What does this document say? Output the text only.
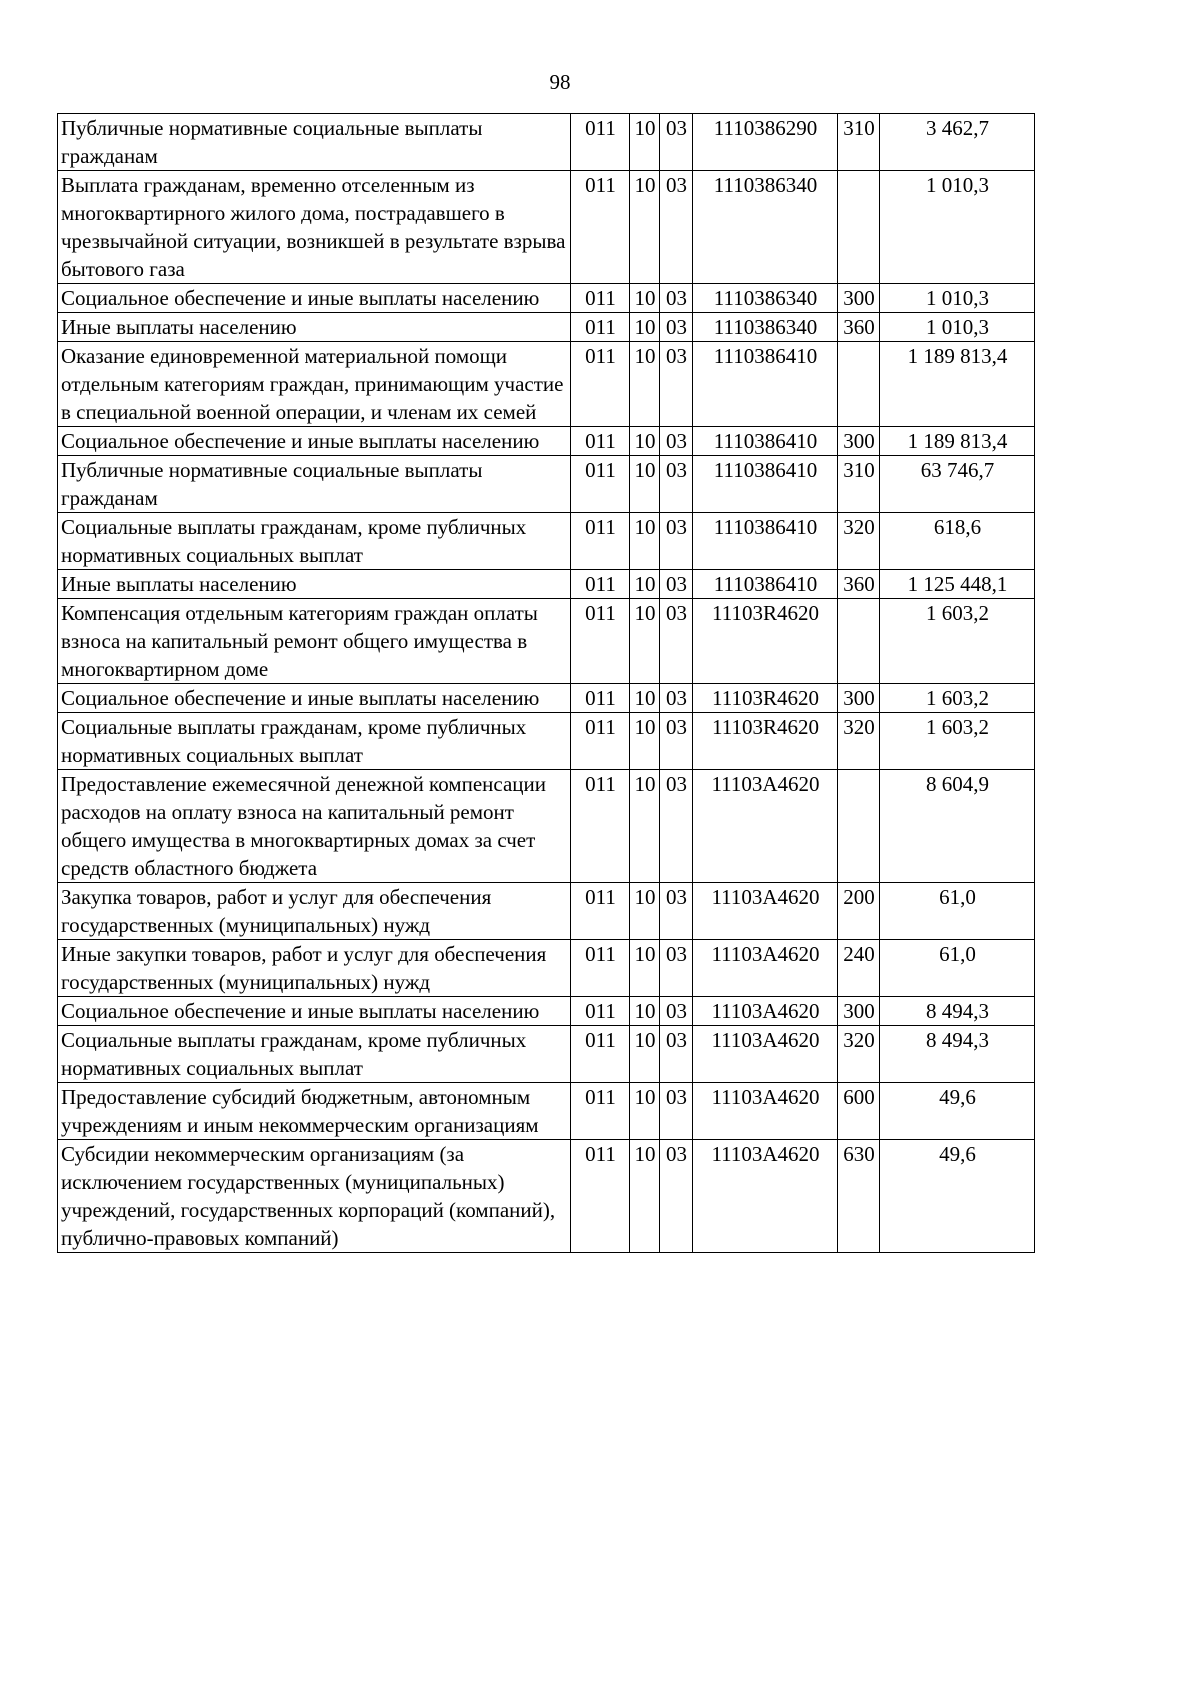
98
Публичные нормативные социальные выплаты гражданам	011	10	03	1110386290	310	3 462,7
Выплата гражданам, временно отселенным из многоквартирного жилого дома, пострадавшего в чрезвычайной ситуации, возникшей в результате взрыва бытового газа	011	10	03	1110386340		1 010,3
Социальное обеспечение и иные выплаты населению	011	10	03	1110386340	300	1 010,3
Иные выплаты населению	011	10	03	1110386340	360	1 010,3
Оказание единовременной материальной помощи отдельным категориям граждан, принимающим участие в специальной военной операции, и членам их семей	011	10	03	1110386410		1 189 813,4
Социальное обеспечение и иные выплаты населению	011	10	03	1110386410	300	1 189 813,4
Публичные нормативные социальные выплаты гражданам	011	10	03	1110386410	310	63 746,7
Социальные выплаты гражданам, кроме публичных нормативных социальных выплат	011	10	03	1110386410	320	618,6
Иные выплаты населению	011	10	03	1110386410	360	1 125 448,1
Компенсация отдельным категориям граждан оплаты взноса на капитальный ремонт общего имущества в многоквартирном доме	011	10	03	11103R4620		1 603,2
Социальное обеспечение и иные выплаты населению	011	10	03	11103R4620	300	1 603,2
Социальные выплаты гражданам, кроме публичных нормативных социальных выплат	011	10	03	11103R4620	320	1 603,2
Предоставление ежемесячной денежной компенсации расходов на оплату взноса на капитальный ремонт общего имущества в многоквартирных домах за счет средств областного бюджета	011	10	03	11103А4620		8 604,9
Закупка товаров, работ и услуг для обеспечения государственных (муниципальных) нужд	011	10	03	11103А4620	200	61,0
Иные закупки товаров, работ и услуг для обеспечения государственных (муниципальных) нужд	011	10	03	11103А4620	240	61,0
Социальное обеспечение и иные выплаты населению	011	10	03	11103А4620	300	8 494,3
Социальные выплаты гражданам, кроме публичных нормативных социальных выплат	011	10	03	11103А4620	320	8 494,3
Предоставление субсидий бюджетным, автономным учреждениям и иным некоммерческим организациям	011	10	03	11103А4620	600	49,6
Субсидии некоммерческим организациям (за исключением государственных (муниципальных) учреждений, государственных корпораций (компаний), публично-правовых компаний)	011	10	03	11103А4620	630	49,6
